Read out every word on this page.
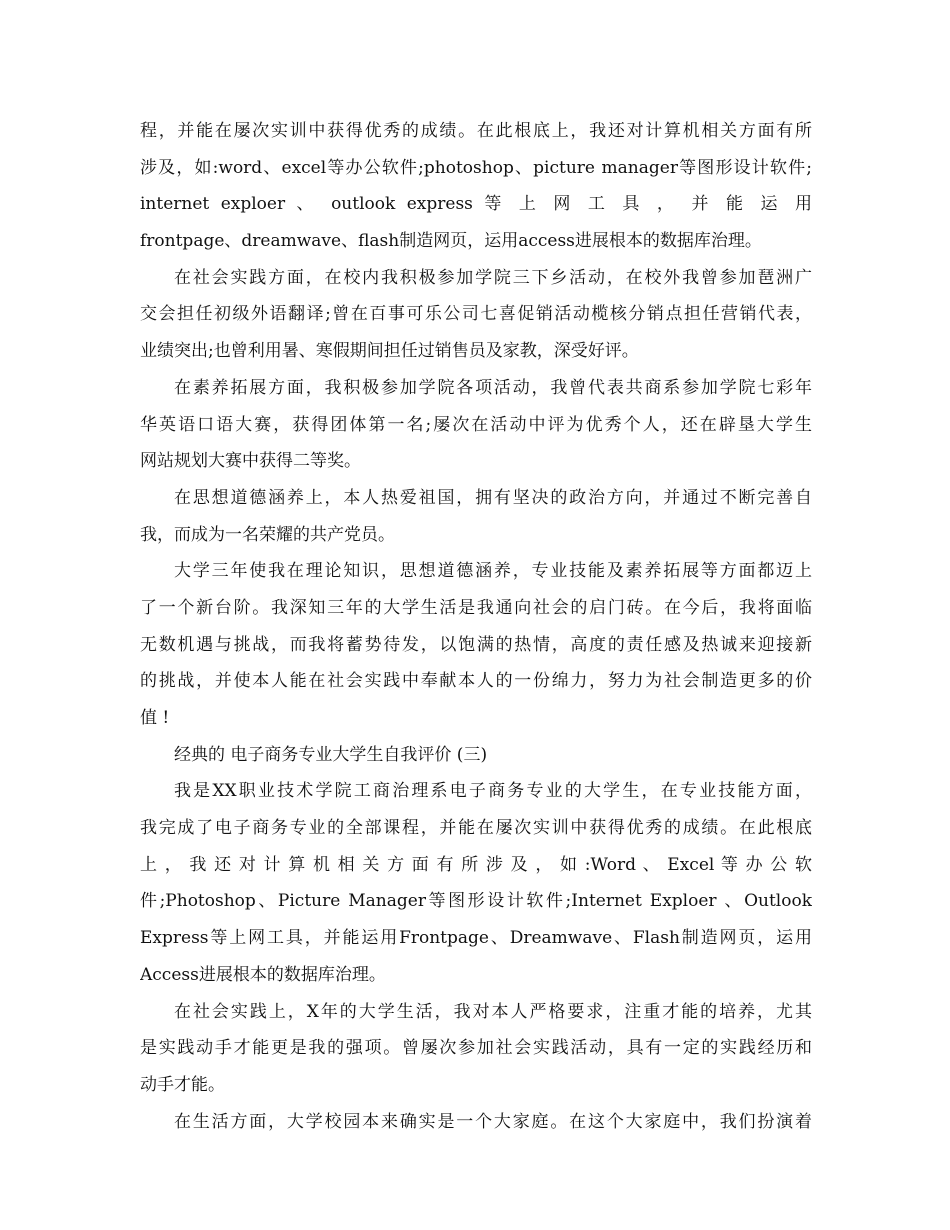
程，并能在屡次实训中获得优秀的成绩。在此根底上，我还对计算机相关方面有所
涉及，如:word、excel等办公软件;photoshop、picture manager等图形设计软件;
internet exploer 、 outlook express 等 上 网 工 具 ， 并 能 运 用
frontpage、dreamwave、flash制造网页，运用access进展根本的数据库治理。
在社会实践方面，在校内我积极参加学院三下乡活动，在校外我曾参加琶洲广
交会担任初级外语翻译;曾在百事可乐公司七喜促销活动榄核分销点担任营销代表，
业绩突出;也曾利用暑、寒假期间担任过销售员及家教，深受好评。
在素养拓展方面，我积极参加学院各项活动，我曾代表共商系参加学院七彩年
华英语口语大赛，获得团体第一名;屡次在活动中评为优秀个人，还在辟垦大学生
网站规划大赛中获得二等奖。
在思想道德涵养上，本人热爱祖国，拥有坚决的政治方向，并通过不断完善自
我，而成为一名荣耀的共产党员。
大学三年使我在理论知识，思想道德涵养，专业技能及素养拓展等方面都迈上
了一个新台阶。我深知三年的大学生活是我通向社会的启门砖。在今后，我将面临
无数机遇与挑战，而我将蓄势待发，以饱满的热情，高度的责任感及热诚来迎接新
的挑战，并使本人能在社会实践中奉献本人的一份绵力，努力为社会制造更多的价
值 !
经典的 电子商务专业大学生自我评价 (三)
我是XX职业技术学院工商治理系电子商务专业的大学生，在专业技能方面，
我完成了电子商务专业的全部课程，并能在屡次实训中获得优秀的成绩。在此根底
上 ， 我 还 对 计 算 机 相 关 方 面 有 所 涉 及 ， 如 :Word 、 Excel 等 办 公 软
件;Photoshop、Picture Manager等图形设计软件;Internet Exploer 、Outlook
Express等上网工具，并能运用Frontpage、Dreamwave、Flash制造网页，运用
Access进展根本的数据库治理。
在社会实践上，X年的大学生活，我对本人严格要求，注重才能的培养，尤其
是实践动手才能更是我的强项。曾屡次参加社会实践活动，具有一定的实践经历和
动手才能。
在生活方面，大学校园本来确实是一个大家庭。在这个大家庭中，我们扮演着
